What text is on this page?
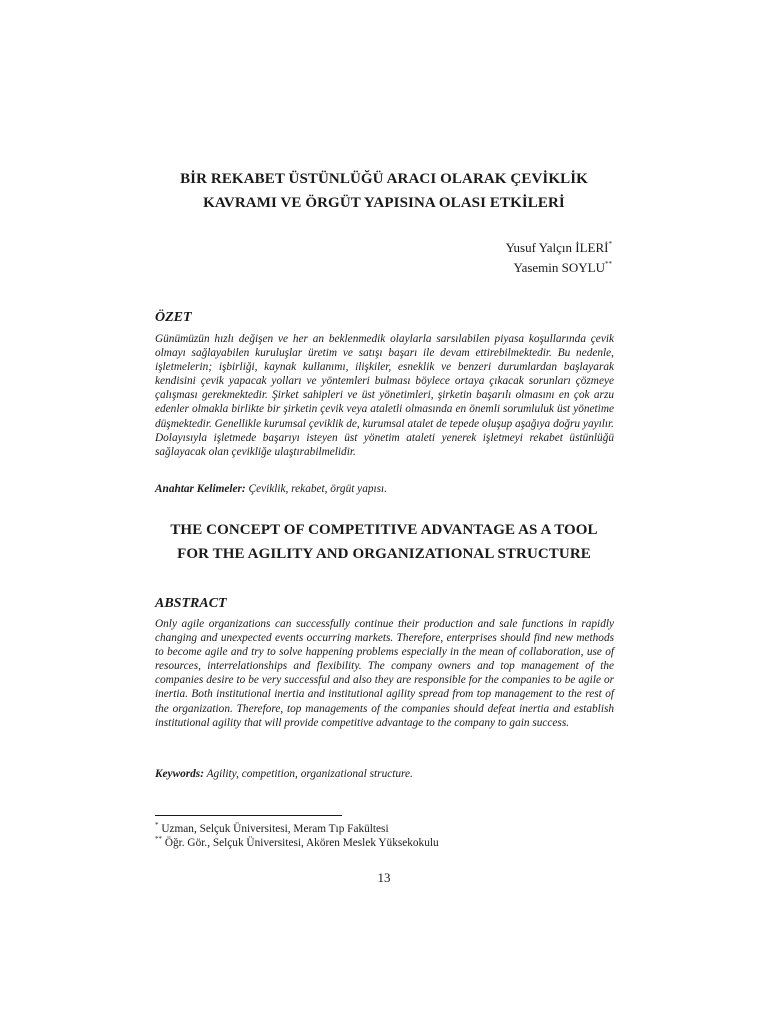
BİR REKABET ÜSTÜNLÜĞÜ ARACI OLARAK ÇEVİKLİK
KAVRAMI VE ÖRGÜT YAPISINA OLASI ETKİLERİ
Yusuf Yalçın İLERİ*
Yasemin SOYLU**
ÖZET
Günümüzün hızlı değişen ve her an beklenmedik olaylarla sarsılabilen piyasa koşullarında çevik olmayı sağlayabilen kuruluşlar üretim ve satışı başarı ile devam ettirebilmektedir. Bu nedenle, işletmelerin; işbirliği, kaynak kullanımı, ilişkiler, esneklik ve benzeri durumlardan başlayarak kendisini çevik yapacak yolları ve yöntemleri bulması böylece ortaya çıkacak sorunları çözmeye çalışması gerekmektedir. Şirket sahipleri ve üst yönetimleri, şirketin başarılı olmasını en çok arzu edenler olmakla birlikte bir şirketin çevik veya ataletli olmasında en önemli sorumluluk üst yönetime düşmektedir. Genellikle kurumsal çeviklik de, kurumsal atalet de tepede oluşup aşağıya doğru yayılır. Dolayısıyla işletmede başarıyı isteyen üst yönetim ataleti yenerek işletmeyi rekabet üstünlüğü sağlayacak olan çevikliğe ulaştırabilmelidir.
Anahtar Kelimeler: Çeviklik, rekabet, örgüt yapısı.
THE CONCEPT OF COMPETITIVE ADVANTAGE AS A TOOL
FOR THE AGILITY AND ORGANIZATIONAL STRUCTURE
ABSTRACT
Only agile organizations can successfully continue their production and sale functions in rapidly changing and unexpected events occurring markets. Therefore, enterprises should find new methods to become agile and try to solve happening problems especially in the mean of collaboration, use of resources, interrelationships and flexibility. The company owners and top management of the companies desire to be very successful and also they are responsible for the companies to be agile or inertia. Both institutional inertia and institutional agility spread from top management to the rest of the organization. Therefore, top managements of the companies should defeat inertia and establish institutional agility that will provide competitive advantage to the company to gain success.
Keywords: Agility, competition, organizational structure.
* Uzman, Selçuk Üniversitesi, Meram Tıp Fakültesi
** Öğr. Gör., Selçuk Üniversitesi, Akören Meslek Yüksekokulu
13
